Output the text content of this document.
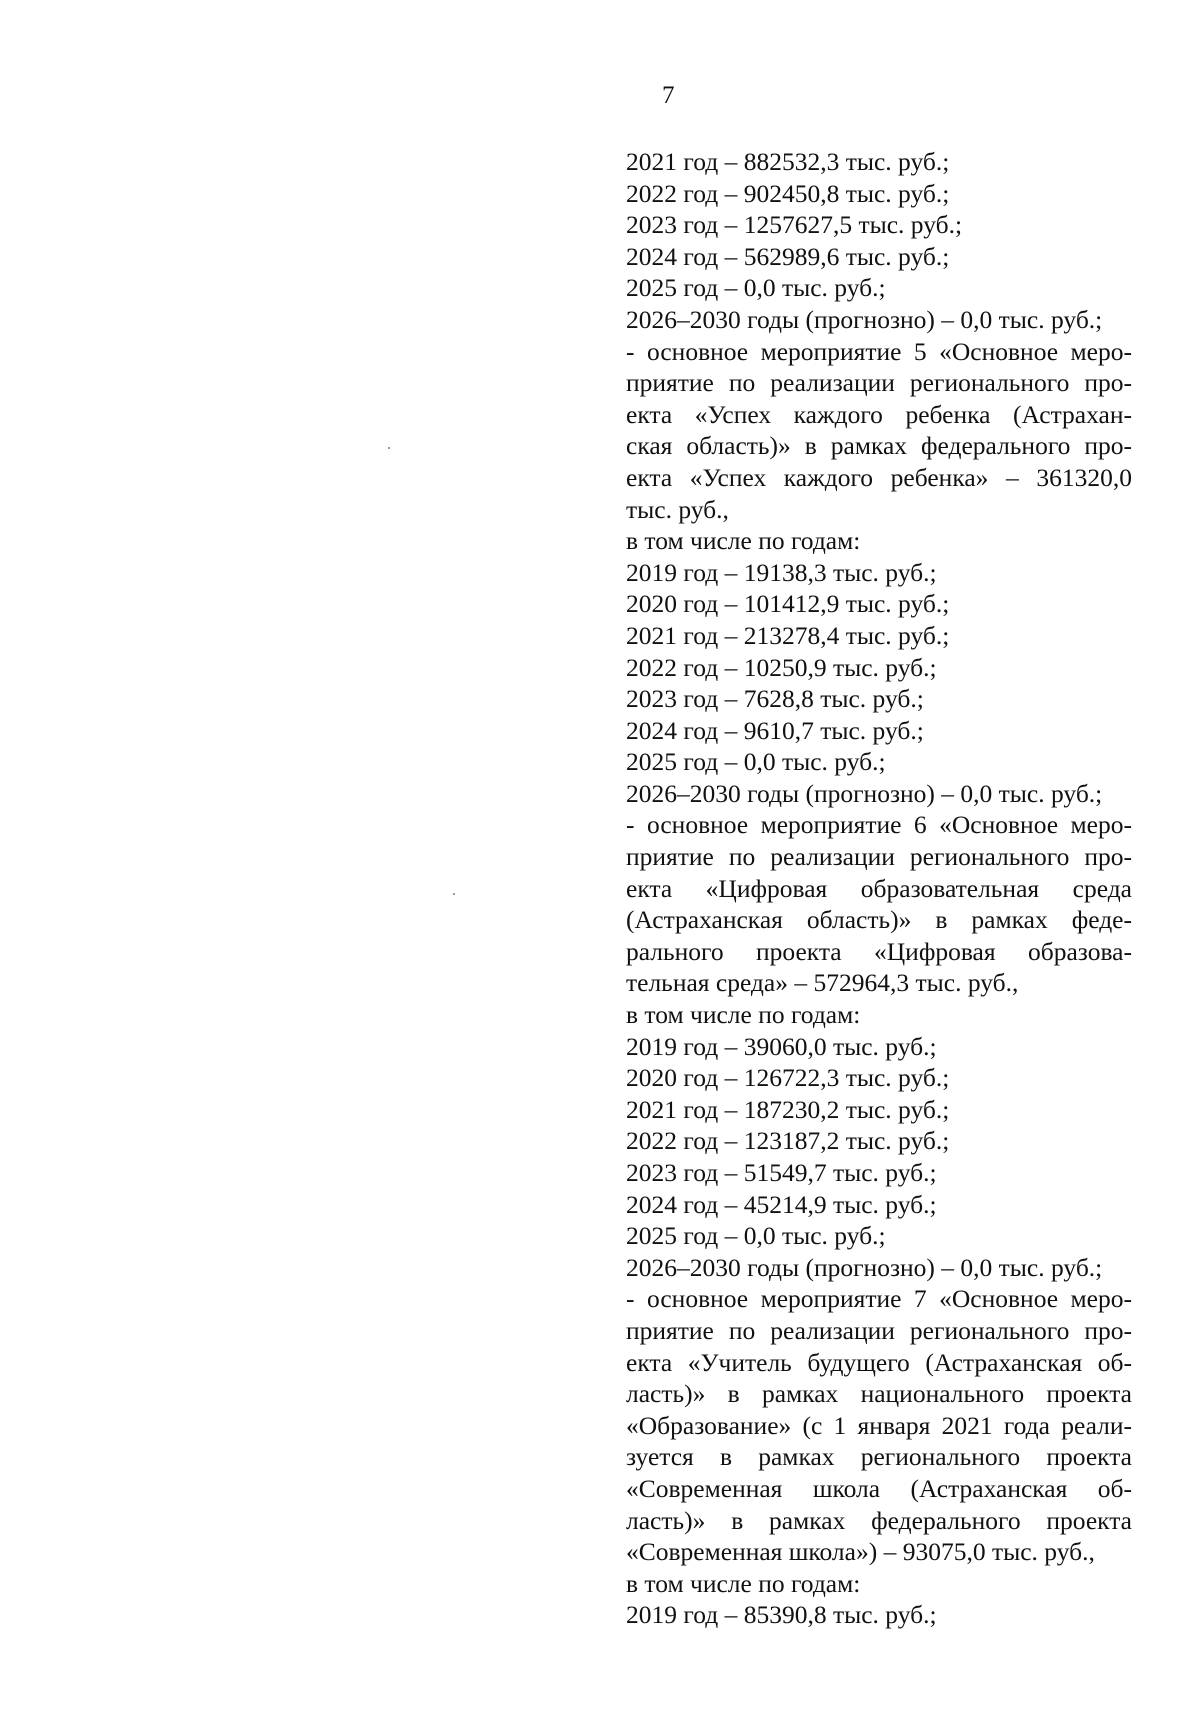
7
2021 год – 882532,3 тыс. руб.;
2022 год – 902450,8 тыс. руб.;
2023 год – 1257627,5 тыс. руб.;
2024 год – 562989,6 тыс. руб.;
2025 год – 0,0 тыс. руб.;
2026–2030 годы (прогнозно) – 0,0 тыс. руб.;
- основное мероприятие 5 «Основное меро-
приятие по реализации регионального про-
екта «Успех каждого ребенка (Астрахан-
ская область)» в рамках федерального про-
екта «Успех каждого ребенка» – 361320,0
тыс. руб.,
в том числе по годам:
2019 год – 19138,3 тыс. руб.;
2020 год – 101412,9 тыс. руб.;
2021 год – 213278,4 тыс. руб.;
2022 год – 10250,9 тыс. руб.;
2023 год – 7628,8 тыс. руб.;
2024 год – 9610,7 тыс. руб.;
2025 год – 0,0 тыс. руб.;
2026–2030 годы (прогнозно) – 0,0 тыс. руб.;
- основное мероприятие 6 «Основное меро-
приятие по реализации регионального про-
екта «Цифровая образовательная среда
(Астраханская область)» в рамках феде-
рального проекта «Цифровая образова-
тельная среда» – 572964,3 тыс. руб.,
в том числе по годам:
2019 год – 39060,0 тыс. руб.;
2020 год – 126722,3 тыс. руб.;
2021 год – 187230,2 тыс. руб.;
2022 год – 123187,2 тыс. руб.;
2023 год – 51549,7 тыс. руб.;
2024 год – 45214,9 тыс. руб.;
2025 год – 0,0 тыс. руб.;
2026–2030 годы (прогнозно) – 0,0 тыс. руб.;
- основное мероприятие 7 «Основное меро-
приятие по реализации регионального про-
екта «Учитель будущего (Астраханская об-
ласть)» в рамках национального проекта
«Образование» (с 1 января 2021 года реали-
зуется в рамках регионального проекта
«Современная школа (Астраханская об-
ласть)» в рамках федерального проекта
«Современная школа») – 93075,0 тыс. руб.,
в том числе по годам:
2019 год – 85390,8 тыс. руб.;
